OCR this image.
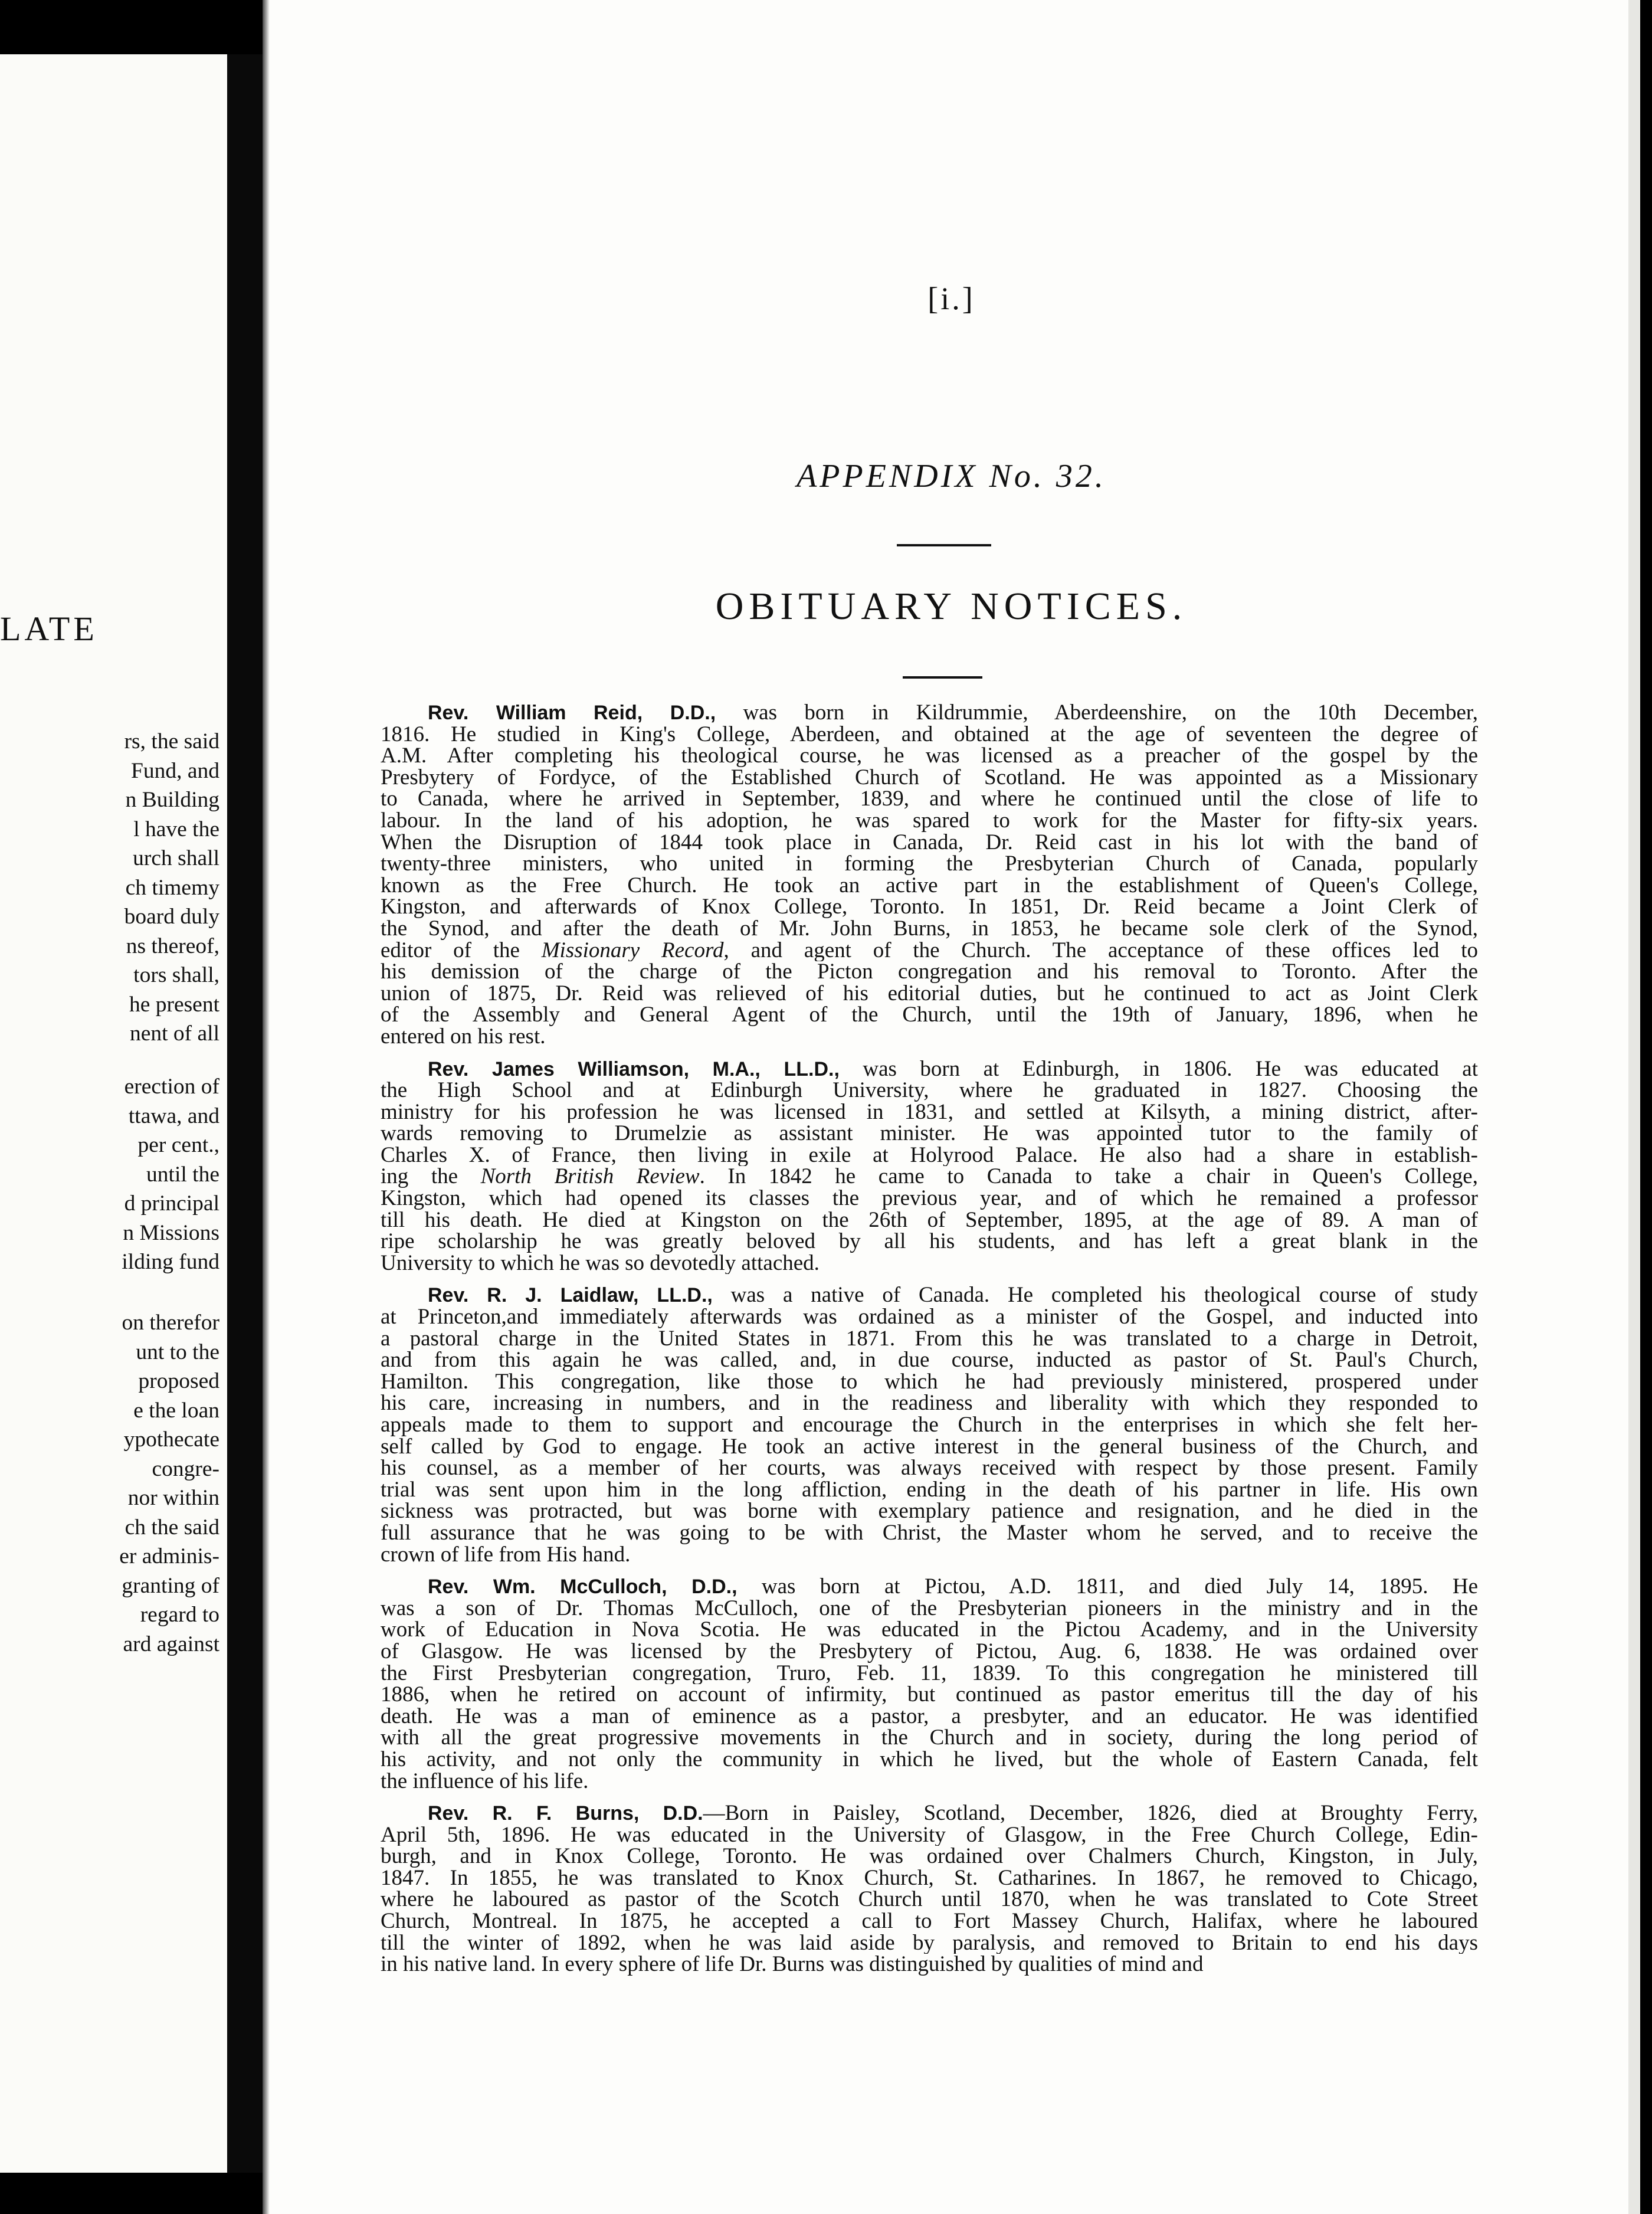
LATE
rs, the said
Fund, and
n Building
l have the
urch shall
ch timemy
board duly
ns thereof,
tors shall,
he present
nent of all
erection of
ttawa, and
per cent.,
until the
d principal
n Missions
ilding fund
on therefor
unt to the
proposed
e the loan
ypothecate
congre-
nor within
ch the said
er adminis-
granting of
regard to
ard against
[i.]
APPENDIX No. 32.
OBITUARY NOTICES.
Rev. William Reid, D.D., was born in Kildrummie, Aberdeenshire, on the 10th December,
1816. He studied in King's College, Aberdeen, and obtained at the age of seventeen the degree of
A.M. After completing his theological course, he was licensed as a preacher of the gospel by the
Presbytery of Fordyce, of the Established Church of Scotland. He was appointed as a Missionary
to Canada, where he arrived in September, 1839, and where he continued until the close of life to
labour. In the land of his adoption, he was spared to work for the Master for fifty-six years.
When the Disruption of 1844 took place in Canada, Dr. Reid cast in his lot with the band of
twenty-three ministers, who united in forming the Presbyterian Church of Canada, popularly
known as the Free Church. He took an active part in the establishment of Queen's College,
Kingston, and afterwards of Knox College, Toronto. In 1851, Dr. Reid became a Joint Clerk of
the Synod, and after the death of Mr. John Burns, in 1853, he became sole clerk of the Synod,
editor of the Missionary Record, and agent of the Church. The acceptance of these offices led to
his demission of the charge of the Picton congregation and his removal to Toronto. After the
union of 1875, Dr. Reid was relieved of his editorial duties, but he continued to act as Joint Clerk
of the Assembly and General Agent of the Church, until the 19th of January, 1896, when he
entered on his rest.
Rev. James Williamson, M.A., LL.D., was born at Edinburgh, in 1806. He was educated at
the High School and at Edinburgh University, where he graduated in 1827. Choosing the
ministry for his profession he was licensed in 1831, and settled at Kilsyth, a mining district, after-
wards removing to Drumelzie as assistant minister. He was appointed tutor to the family of
Charles X. of France, then living in exile at Holyrood Palace. He also had a share in establish-
ing the North British Review. In 1842 he came to Canada to take a chair in Queen's College,
Kingston, which had opened its classes the previous year, and of which he remained a professor
till his death. He died at Kingston on the 26th of September, 1895, at the age of 89. A man of
ripe scholarship he was greatly beloved by all his students, and has left a great blank in the
University to which he was so devotedly attached.
Rev. R. J. Laidlaw, LL.D., was a native of Canada. He completed his theological course of study
at Princeton,and immediately afterwards was ordained as a minister of the Gospel, and inducted into
a pastoral charge in the United States in 1871. From this he was translated to a charge in Detroit,
and from this again he was called, and, in due course, inducted as pastor of St. Paul's Church,
Hamilton. This congregation, like those to which he had previously ministered, prospered under
his care, increasing in numbers, and in the readiness and liberality with which they responded to
appeals made to them to support and encourage the Church in the enterprises in which she felt her-
self called by God to engage. He took an active interest in the general business of the Church, and
his counsel, as a member of her courts, was always received with respect by those present. Family
trial was sent upon him in the long affliction, ending in the death of his partner in life. His own
sickness was protracted, but was borne with exemplary patience and resignation, and he died in the
full assurance that he was going to be with Christ, the Master whom he served, and to receive the
crown of life from His hand.
Rev. Wm. McCulloch, D.D., was born at Pictou, A.D. 1811, and died July 14, 1895. He
was a son of Dr. Thomas McCulloch, one of the Presbyterian pioneers in the ministry and in the
work of Education in Nova Scotia. He was educated in the Pictou Academy, and in the University
of Glasgow. He was licensed by the Presbytery of Pictou, Aug. 6, 1838. He was ordained over
the First Presbyterian congregation, Truro, Feb. 11, 1839. To this congregation he ministered till
1886, when he retired on account of infirmity, but continued as pastor emeritus till the day of his
death. He was a man of eminence as a pastor, a presbyter, and an educator. He was identified
with all the great progressive movements in the Church and in society, during the long period of
his activity, and not only the community in which he lived, but the whole of Eastern Canada, felt
the influence of his life.
Rev. R. F. Burns, D.D.—Born in Paisley, Scotland, December, 1826, died at Broughty Ferry,
April 5th, 1896. He was educated in the University of Glasgow, in the Free Church College, Edin-
burgh, and in Knox College, Toronto. He was ordained over Chalmers Church, Kingston, in July,
1847. In 1855, he was translated to Knox Church, St. Catharines. In 1867, he removed to Chicago,
where he laboured as pastor of the Scotch Church until 1870, when he was translated to Cote Street
Church, Montreal. In 1875, he accepted a call to Fort Massey Church, Halifax, where he laboured
till the winter of 1892, when he was laid aside by paralysis, and removed to Britain to end his days
in his native land. In every sphere of life Dr. Burns was distinguished by qualities of mind and
